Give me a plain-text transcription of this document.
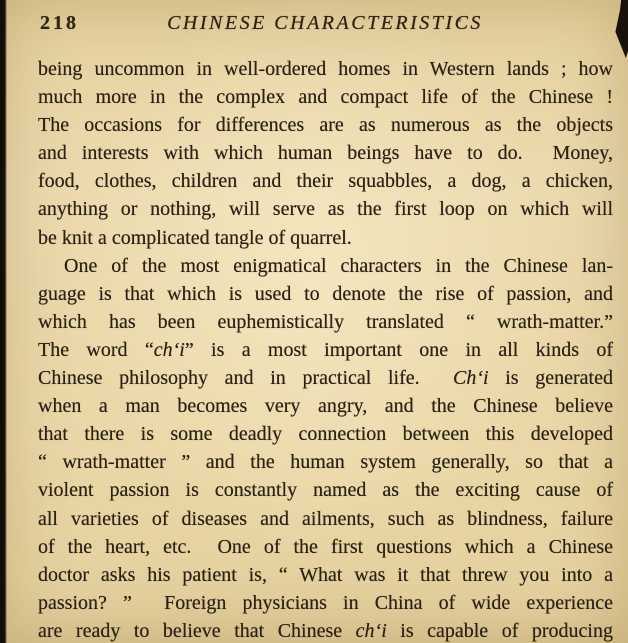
218	CHINESE CHARACTERISTICS
being uncommon in well-ordered homes in Western lands ; how
much more in the complex and compact life of the Chinese !
The occasions for differences are as numerous as the objects
and interests with which human beings have to do.  Money,
food, clothes, children and their squabbles, a dog, a chicken,
anything or nothing, will serve as the first loop on which will
be knit a complicated tangle of quarrel.
One of the most enigmatical characters in the Chinese lan-
guage is that which is used to denote the rise of passion, and
which has been euphemistically translated “ wrath-matter.”
The word “ch‘i” is a most important one in all kinds of
Chinese philosophy and in practical life.  Ch‘i is generated
when a man becomes very angry, and the Chinese believe
that there is some deadly connection between this developed
“ wrath-matter ” and the human system generally, so that a
violent passion is constantly named as the exciting cause of
all varieties of diseases and ailments, such as blindness, failure
of the heart, etc.  One of the first questions which a Chinese
doctor asks his patient is, “ What was it that threw you into a
passion? ”  Foreign physicians in China of wide experience
are ready to believe that Chinese ch‘i is capable of producing
